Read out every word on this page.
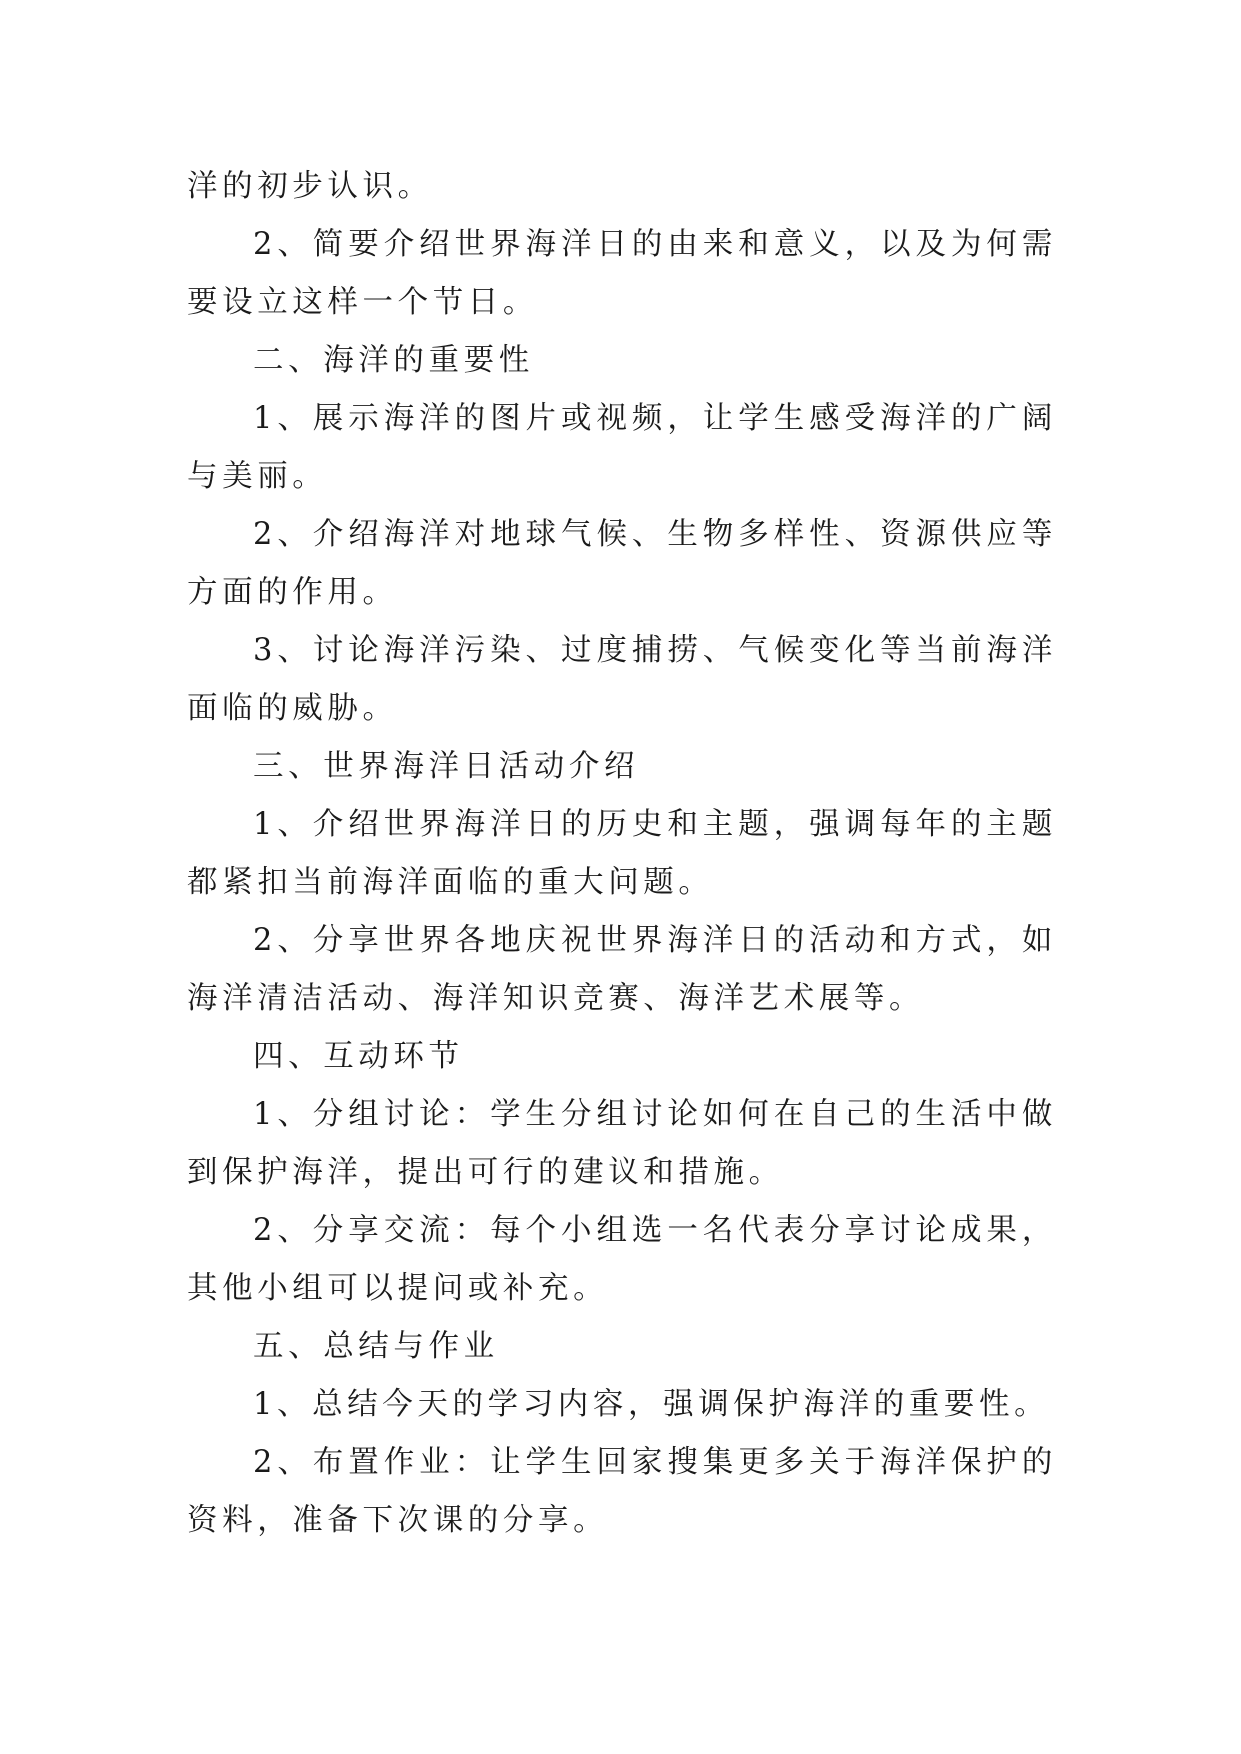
洋的初步认识。

2、简要介绍世界海洋日的由来和意义，以及为何需要设立这样一个节日。

二、海洋的重要性

1、展示海洋的图片或视频，让学生感受海洋的广阔与美丽。

2、介绍海洋对地球气候、生物多样性、资源供应等方面的作用。

3、讨论海洋污染、过度捕捞、气候变化等当前海洋面临的威胁。

三、世界海洋日活动介绍

1、介绍世界海洋日的历史和主题，强调每年的主题都紧扣当前海洋面临的重大问题。

2、分享世界各地庆祝世界海洋日的活动和方式，如海洋清洁活动、海洋知识竞赛、海洋艺术展等。

四、互动环节

1、分组讨论：学生分组讨论如何在自己的生活中做到保护海洋，提出可行的建议和措施。

2、分享交流：每个小组选一名代表分享讨论成果，其他小组可以提问或补充。

五、总结与作业

1、总结今天的学习内容，强调保护海洋的重要性。

2、布置作业：让学生回家搜集更多关于海洋保护的资料，准备下次课的分享。
